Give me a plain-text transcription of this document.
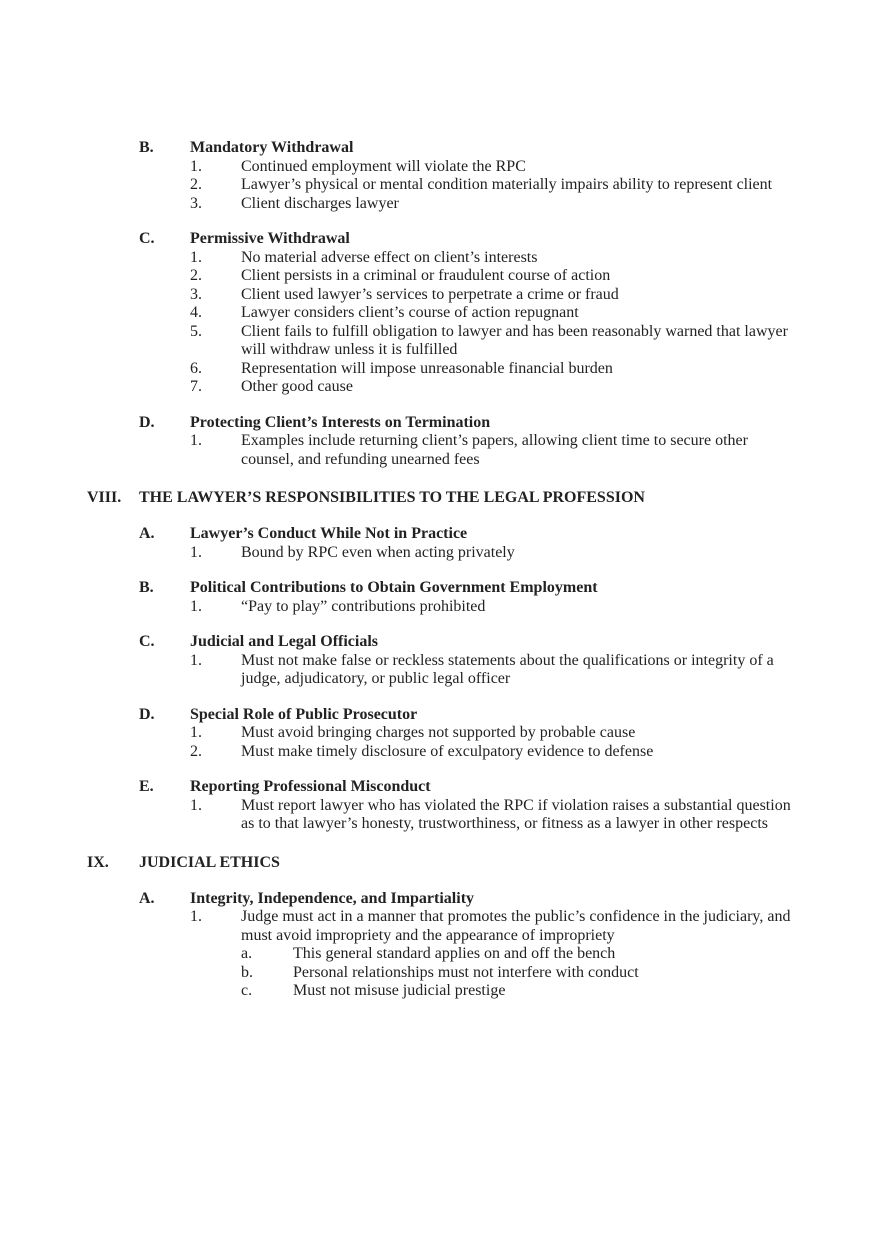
B. Mandatory Withdrawal
1. Continued employment will violate the RPC
2. Lawyer’s physical or mental condition materially impairs ability to represent client
3. Client discharges lawyer
C. Permissive Withdrawal
1. No material adverse effect on client’s interests
2. Client persists in a criminal or fraudulent course of action
3. Client used lawyer’s services to perpetrate a crime or fraud
4. Lawyer considers client’s course of action repugnant
5. Client fails to fulfill obligation to lawyer and has been reasonably warned that lawyer will withdraw unless it is fulfilled
6. Representation will impose unreasonable financial burden
7. Other good cause
D. Protecting Client’s Interests on Termination
1. Examples include returning client’s papers, allowing client time to secure other counsel, and refunding unearned fees
VIII. THE LAWYER’S RESPONSIBILITIES TO THE LEGAL PROFESSION
A. Lawyer’s Conduct While Not in Practice
1. Bound by RPC even when acting privately
B. Political Contributions to Obtain Government Employment
1. “Pay to play” contributions prohibited
C. Judicial and Legal Officials
1. Must not make false or reckless statements about the qualifications or integrity of a judge, adjudicatory, or public legal officer
D. Special Role of Public Prosecutor
1. Must avoid bringing charges not supported by probable cause
2. Must make timely disclosure of exculpatory evidence to defense
E. Reporting Professional Misconduct
1. Must report lawyer who has violated the RPC if violation raises a substantial question as to that lawyer’s honesty, trustworthiness, or fitness as a lawyer in other respects
IX. JUDICIAL ETHICS
A. Integrity, Independence, and Impartiality
1. Judge must act in a manner that promotes the public’s confidence in the judiciary, and must avoid impropriety and the appearance of impropriety
a.	This general standard applies on and off the bench
b.	Personal relationships must not interfere with conduct
c.	Must not misuse judicial prestige
